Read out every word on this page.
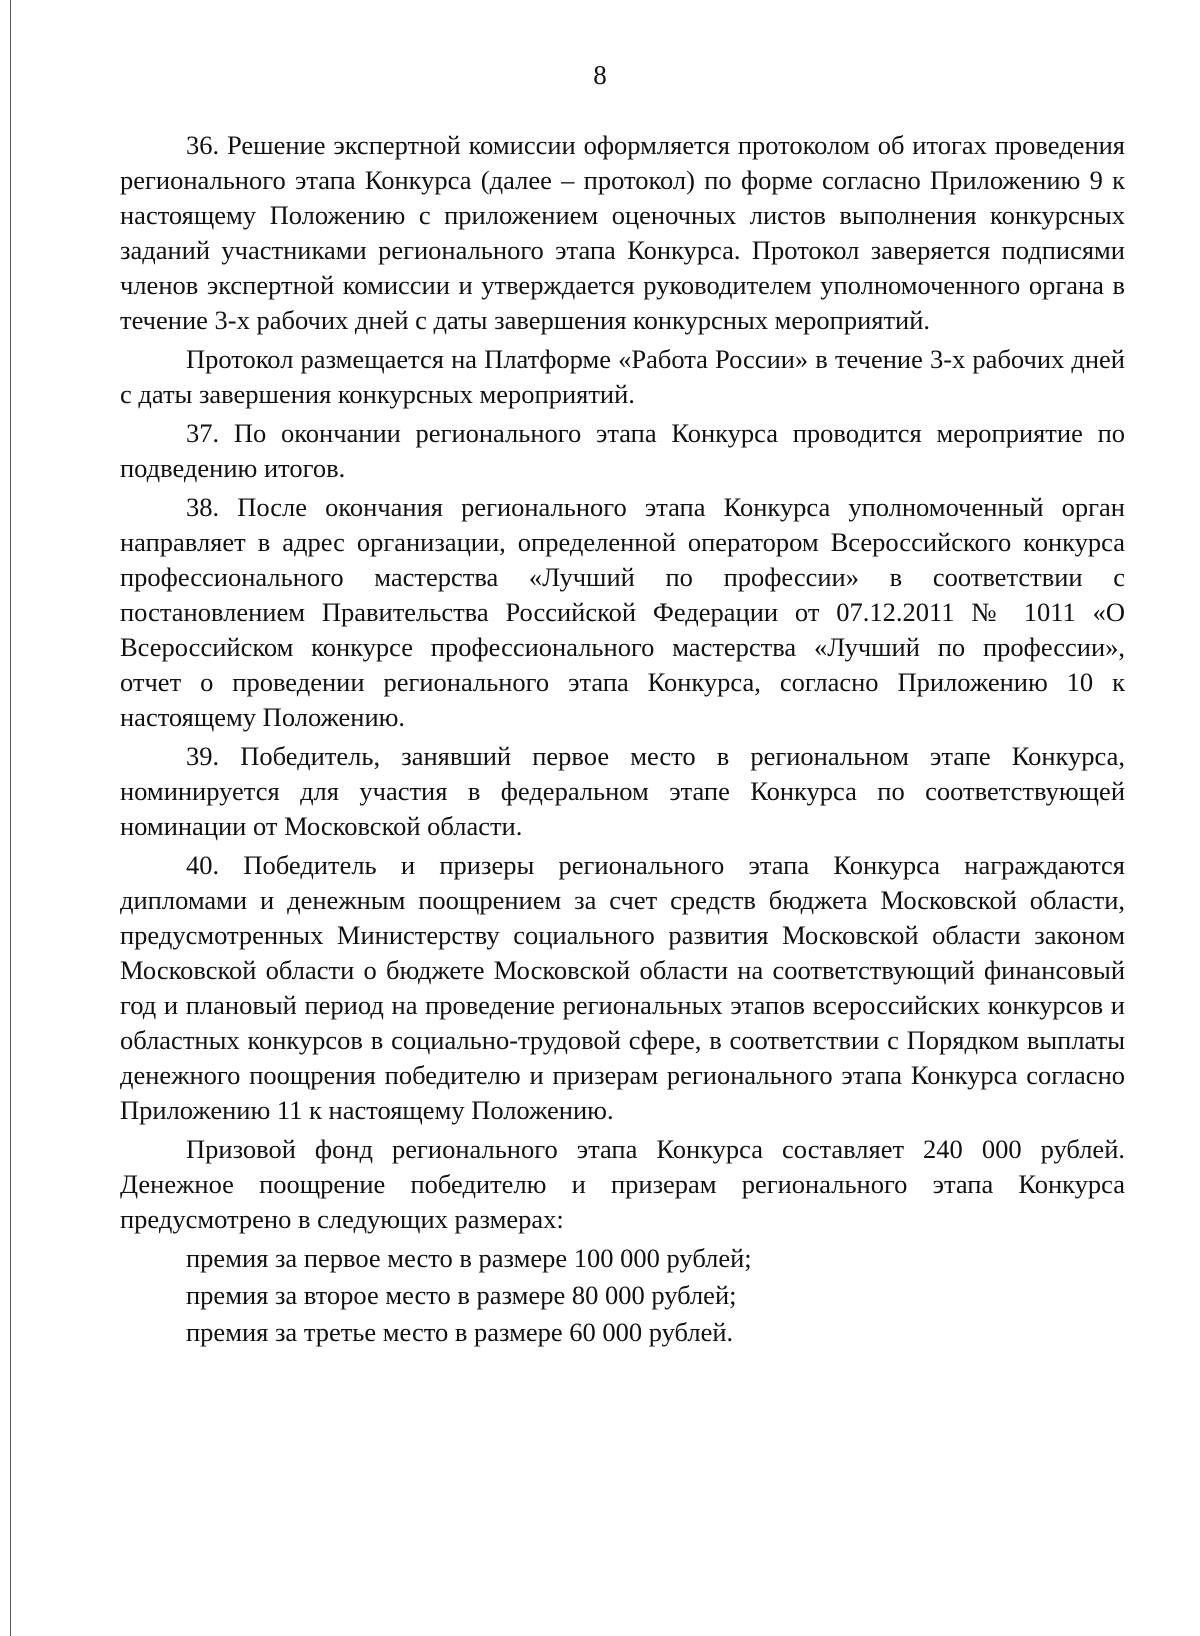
8

36. Решение экспертной комиссии оформляется протоколом об итогах проведения регионального этапа Конкурса (далее – протокол) по форме согласно Приложению 9 к настоящему Положению с приложением оценочных листов выполнения конкурсных заданий участниками регионального этапа Конкурса. Протокол заверяется подписями членов экспертной комиссии и утверждается руководителем уполномоченного органа в течение 3-х рабочих дней с даты завершения конкурсных мероприятий.

Протокол размещается на Платформе «Работа России» в течение 3-х рабочих дней с даты завершения конкурсных мероприятий.

37. По окончании регионального этапа Конкурса проводится мероприятие по подведению итогов.

38. После окончания регионального этапа Конкурса уполномоченный орган направляет в адрес организации, определенной оператором Всероссийского конкурса профессионального мастерства «Лучший по профессии» в соответствии с постановлением Правительства Российской Федерации от 07.12.2011 № 1011 «О Всероссийском конкурсе профессионального мастерства «Лучший по профессии», отчет о проведении регионального этапа Конкурса, согласно Приложению 10 к настоящему Положению.

39. Победитель, занявший первое место в региональном этапе Конкурса, номинируется для участия в федеральном этапе Конкурса по соответствующей номинации от Московской области.

40. Победитель и призеры регионального этапа Конкурса награждаются дипломами и денежным поощрением за счет средств бюджета Московской области, предусмотренных Министерству социального развития Московской области законом Московской области о бюджете Московской области на соответствующий финансовый год и плановый период на проведение региональных этапов всероссийских конкурсов и областных конкурсов в социально-трудовой сфере, в соответствии с Порядком выплаты денежного поощрения победителю и призерам регионального этапа Конкурса согласно Приложению 11 к настоящему Положению.

Призовой фонд регионального этапа Конкурса составляет 240 000 рублей. Денежное поощрение победителю и призерам регионального этапа Конкурса предусмотрено в следующих размерах:

премия за первое место в размере 100 000 рублей;

премия за второе место в размере 80 000 рублей;

премия за третье место в размере 60 000 рублей.
